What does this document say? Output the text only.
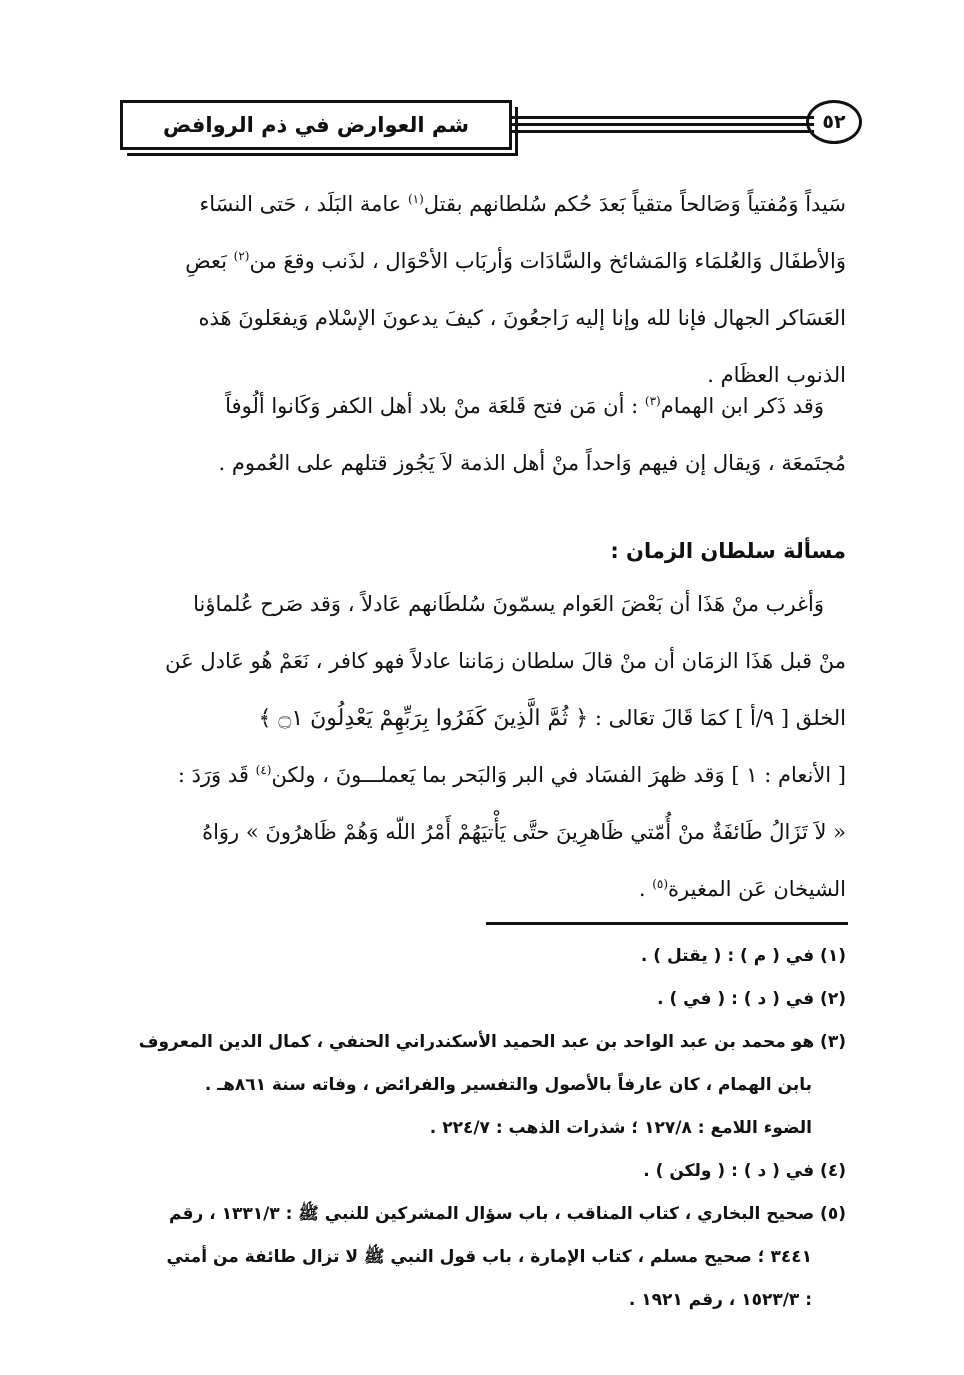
شم العوارض في ذم الروافض	٥٢

سَيداً وَمُفتياً وَصَالحاً متقياً بَعدَ حُكم سُلطانهم بقتل$^{(١)}$ عامة البَلَد ، حَتى النسَاء

وَالأطفَال وَالعُلمَاء وَالمَشائخ والسَّادَات وَأربَاب الأحْوَال ، لذَنب وقعَ من$^{(٢)}$ بَعضِ

العَسَاكر الجهال فإنا لله وإنا إليه رَاجعُونَ ، كيفَ يدعونَ الإسْلام وَيفعَلونَ هَذه

الذنوب العظَام .

وَقد ذَكر ابن الهمام$^{(٣)}$ : أن مَن فتح قَلعَة منْ بلاد أهل الكفر وَكَانوا ألُوفاً

مُجتَمعَة ، وَيقال إن فيهم وَاحداً منْ أهل الذمة لاَ يَجُوز قتلهم على العُموم .

مسألة سلطان الزمان :

وَأغرب منْ هَذَا أن بَعْضَ العَوام يسمّونَ سُلطَانهم عَادلاً ، وَقد صَرح عُلماؤنا

منْ قبل هَذَا الزمَان أن منْ قالَ سلطان زمَاننا عادلاً فهو كافر ، نَعَمْ هُو عَادل عَن

الخلق [ ٩/أ ] كمَا قَالَ تعَالى : ﴿ ثُمَّ الَّذِينَ كَفَرُوا بِرَبِّهِمْ يَعْدِلُونَ ۝١ ﴾

[ الأنعام : ١ ] وَقد ظهرَ الفسَاد في البر وَالبَحر بما يَعملـــونَ ، ولكن$^{(٤)}$ قَد وَرَدَ :

« لاَ تَزَالُ طَائفَةٌ منْ أُمّتي ظَاهرِينَ حتَّى يَأْتيَهُمْ أَمْرُ اللّه وَهُمْ ظَاهرُونَ » روَاهُ

الشيخان عَن المغيرة$^{(٥)}$ .

(١) في ( م ) : ( يقتل ) .

(٢) في ( د ) : ( في ) .

(٣) هو محمد بن عبد الواحد بن عبد الحميد الأسكندراني الحنفي ، كمال الدين المعروف

بابن الهمام ، كان عارفاً بالأصول والتفسير والفرائض ، وفاته سنة ٨٦١هـ .

الضوء اللامع : ١٢٧/٨ ؛ شذرات الذهب : ٢٢٤/٧ .

(٤) في ( د ) : ( ولكن ) .

(٥) صحيح البخاري ، كتاب المناقب ، باب سؤال المشركين للنبي ﷺ : ١٣٣١/٣ ، رقم

٣٤٤١ ؛ صحيح مسلم ، كتاب الإمارة ، باب قول النبي ﷺ لا تزال طائفة من أمتي

: ١٥٢٣/٣ ، رقم ١٩٢١ .
